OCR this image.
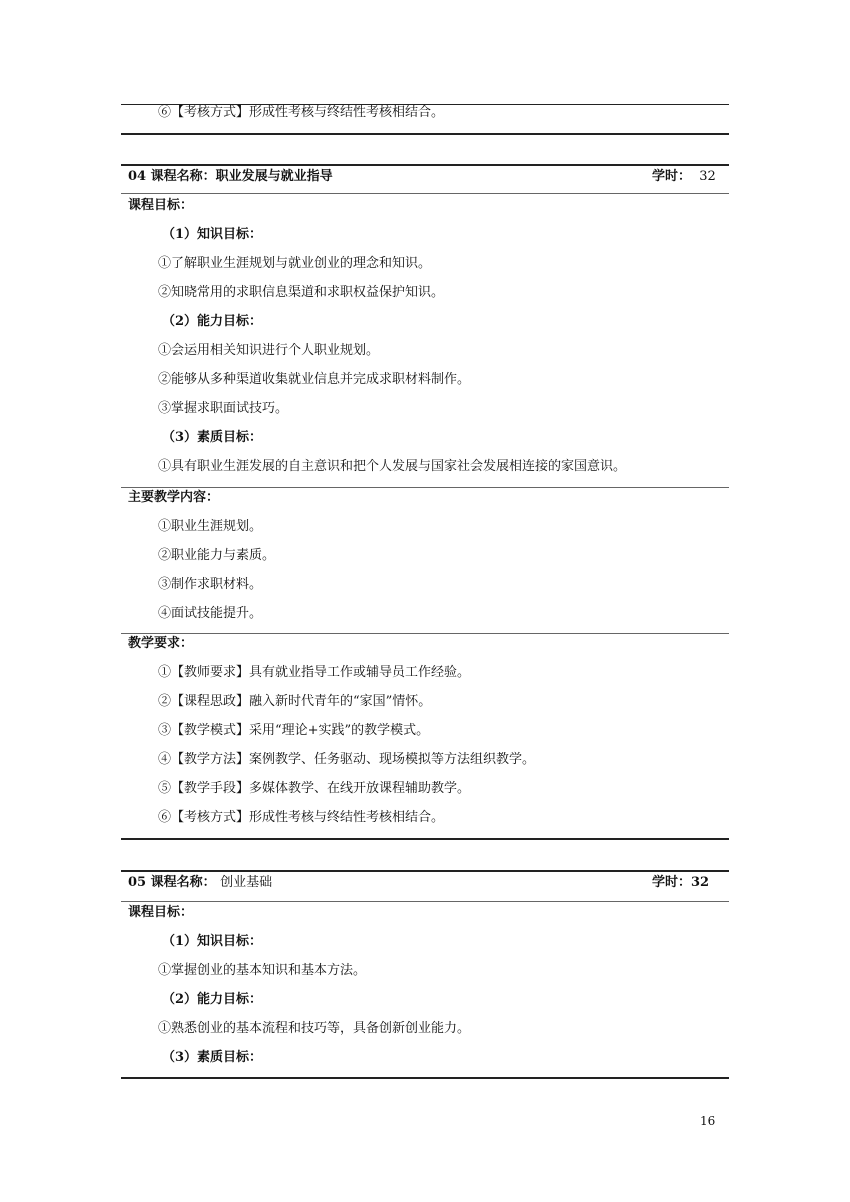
⑥【考核方式】形成性考核与终结性考核相结合。
04 课程名称：职业发展与就业指导	学时： 32
课程目标：
（1）知识目标：
①了解职业生涯规划与就业创业的理念和知识。
②知晓常用的求职信息渠道和求职权益保护知识。
（2）能力目标：
①会运用相关知识进行个人职业规划。
②能够从多种渠道收集就业信息并完成求职材料制作。
③掌握求职面试技巧。
（3）素质目标：
①具有职业生涯发展的自主意识和把个人发展与国家社会发展相连接的家国意识。
主要教学内容：
①职业生涯规划。
②职业能力与素质。
③制作求职材料。
④面试技能提升。
教学要求：
①【教师要求】具有就业指导工作或辅导员工作经验。
②【课程思政】融入新时代青年的“家国”情怀。
③【教学模式】采用“理论+实践”的教学模式。
④【教学方法】案例教学、任务驱动、现场模拟等方法组织教学。
⑤【教学手段】多媒体教学、在线开放课程辅助教学。
⑥【考核方式】形成性考核与终结性考核相结合。
05 课程名称： 创业基础	学时：32
课程目标：
（1）知识目标：
①掌握创业的基本知识和基本方法。
（2）能力目标：
①熟悉创业的基本流程和技巧等，具备创新创业能力。
（3）素质目标：
16
